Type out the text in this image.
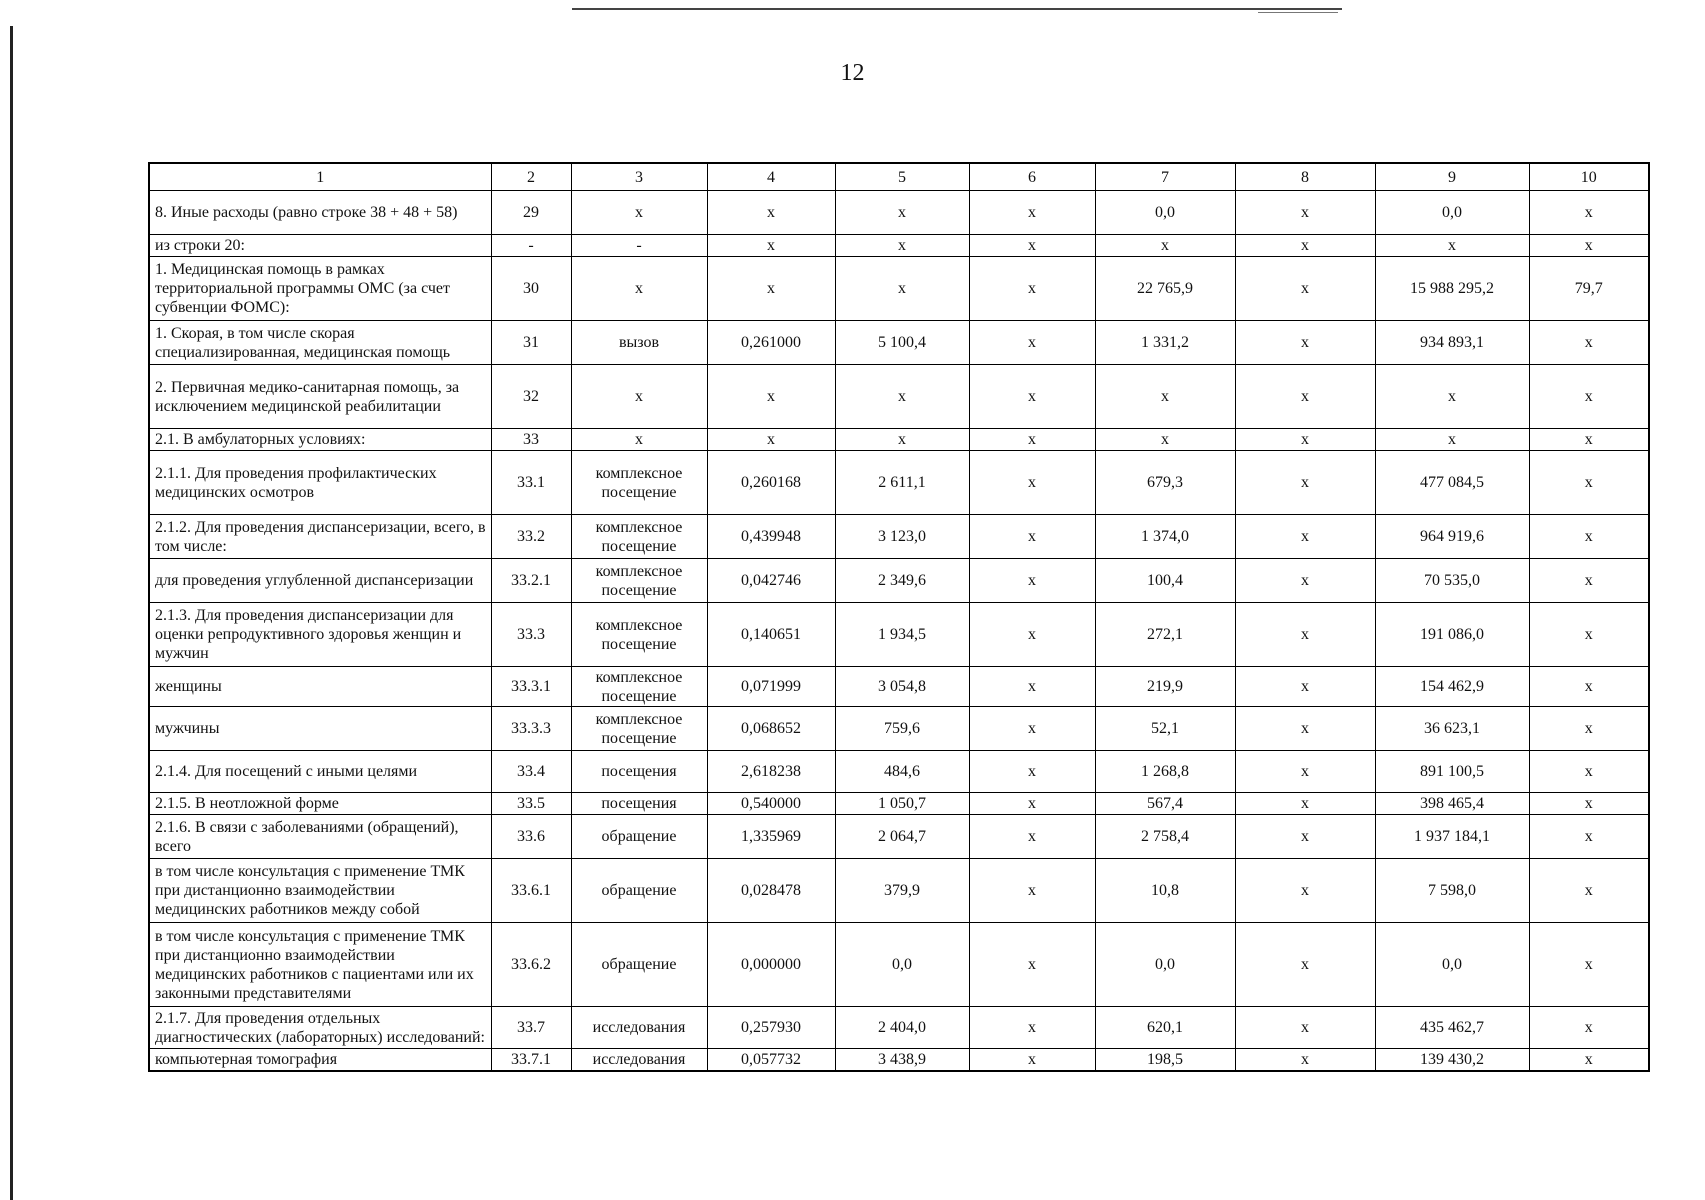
12
1	2	3	4	5	6	7	8	9	10
8. Иные расходы (равно строке 38 + 48 + 58)	29	х	х	х	х	0,0	х	0,0	х
из строки 20:	-	-	х	х	х	х	х	х	х
1. Медицинская помощь в рамках территориальной программы ОМС (за счет субвенции ФОМС):	30	х	х	х	х	22 765,9	х	15 988 295,2	79,7
1. Скорая, в том числе скорая специализированная, медицинская помощь	31	вызов	0,261000	5 100,4	х	1 331,2	х	934 893,1	х
2. Первичная медико-санитарная помощь, за исключением медицинской реабилитации	32	х	х	х	х	х	х	х	х
2.1. В амбулаторных условиях:	33	х	х	х	х	х	х	х	х
2.1.1. Для проведения профилактических медицинских осмотров	33.1	комплексное посещение	0,260168	2 611,1	х	679,3	х	477 084,5	х
2.1.2. Для проведения диспансеризации, всего, в том числе:	33.2	комплексное посещение	0,439948	3 123,0	х	1 374,0	х	964 919,6	х
для проведения углубленной диспансеризации	33.2.1	комплексное посещение	0,042746	2 349,6	х	100,4	х	70 535,0	х
2.1.3. Для проведения диспансеризации для оценки репродуктивного здоровья женщин и мужчин	33.3	комплексное посещение	0,140651	1 934,5	х	272,1	х	191 086,0	х
женщины	33.3.1	комплексное посещение	0,071999	3 054,8	х	219,9	х	154 462,9	х
мужчины	33.3.3	комплексное посещение	0,068652	759,6	х	52,1	х	36 623,1	х
2.1.4. Для посещений с иными целями	33.4	посещения	2,618238	484,6	х	1 268,8	х	891 100,5	х
2.1.5. В неотложной форме	33.5	посещения	0,540000	1 050,7	х	567,4	х	398 465,4	х
2.1.6. В связи с заболеваниями (обращений), всего	33.6	обращение	1,335969	2 064,7	х	2 758,4	х	1 937 184,1	х
в том числе консультация с применение ТМК при дистанционно взаимодействии медицинских работников между собой	33.6.1	обращение	0,028478	379,9	х	10,8	х	7 598,0	х
в том числе консультация с применение ТМК при дистанционно взаимодействии медицинских работников с пациентами или их законными представителями	33.6.2	обращение	0,000000	0,0	х	0,0	х	0,0	х
2.1.7. Для проведения отдельных диагностических (лабораторных) исследований:	33.7	исследования	0,257930	2 404,0	х	620,1	х	435 462,7	х
компьютерная томография	33.7.1	исследования	0,057732	3 438,9	х	198,5	х	139 430,2	х
